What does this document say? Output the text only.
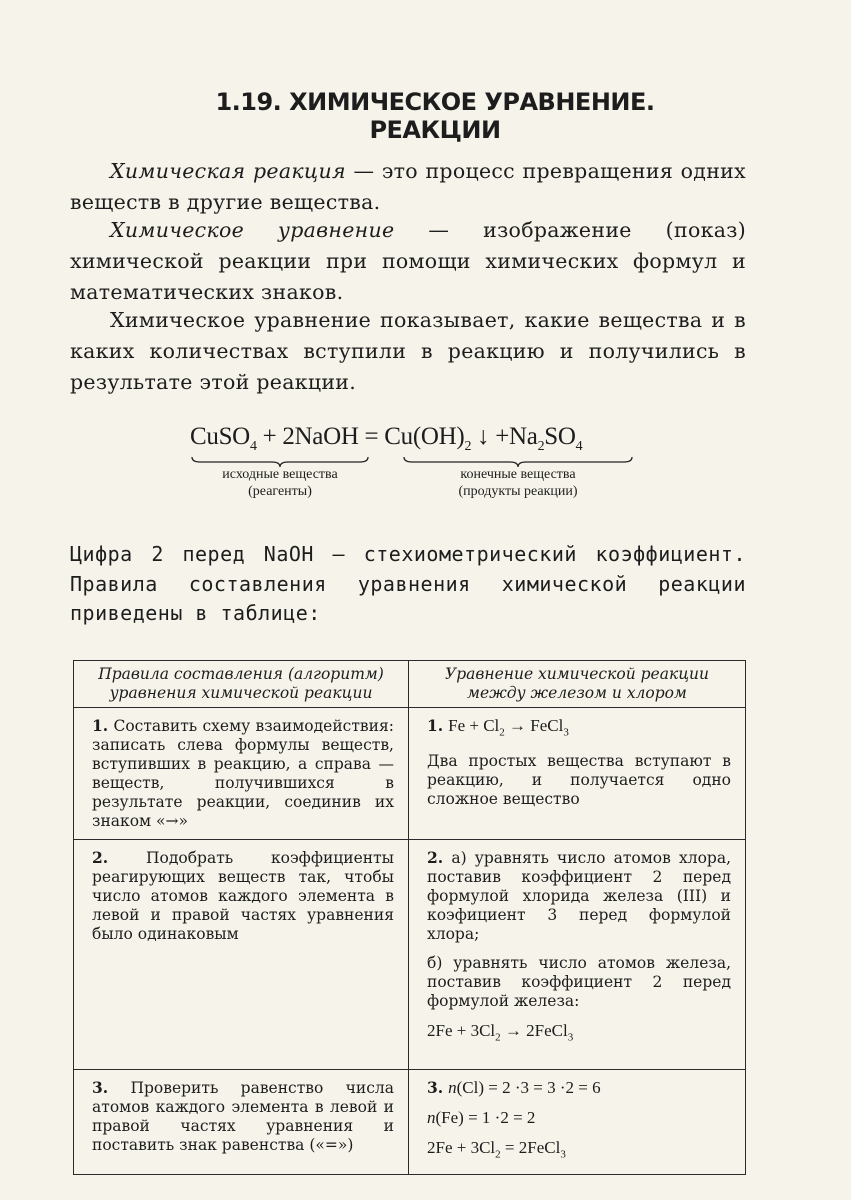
1.19. ХИМИЧЕСКОЕ УРАВНЕНИЕ.
РЕАКЦИИ
Химическая реакция — это процесс превращения одних веществ в другие вещества.
Химическое уравнение — изображение (показ) химической реакции при помощи химических формул и математических знаков.
Химическое уравнение показывает, какие вещества и в каких количествах вступили в реакцию и получились в результате этой реакции.
CuSO$_4$ + 2NaOH = $Cu(OH)_2$ ↓ $+Na_2SO_4$
исходные вещества
(реагенты)
конечные вещества
(продукты реакции)
Цифра 2 перед NaOH — стехиометрический коэффициент. Правила составления уравнения химической реакции приведены в таблице:
Правила составления (алгоритм) уравнения химической реакции	Уравнение химической реакции между железом и хлором

1. Составить схему взаимодействия: записать слева формулы веществ, вступивших в реакцию, а справа — веществ, получившихся в результате реакции, соединив их знаком «→»	1. $Fe + Cl_2$ → FeCl$_3$

Два простых вещества вступают в реакцию, и получается одно сложное вещество

2. Подобрать коэффициенты реагирующих веществ так, чтобы число атомов каждого элемента в левой и правой частях уравнения было одинаковым	2. а) уравнять число атомов хлора, поставив коэффициент 2 перед формулой хлорида железа (III) и коэфициент 3 перед формулой хлора;

б) уравнять число атомов железа, поставив коэффициент 2 перед формулой железа:

$2Fe + 3Cl_2$ → 2FeCl$_3$

3. Проверить равенство числа атомов каждого элемента в левой и правой частях уравнения и поставить знак равенства («=»)	3. n(Cl) = 2 ·3 = 3 ·2 = 6

n(Fe) = 1 ·2 = 2

$2Fe + 3Cl_2$ = 2FeCl$_3$
